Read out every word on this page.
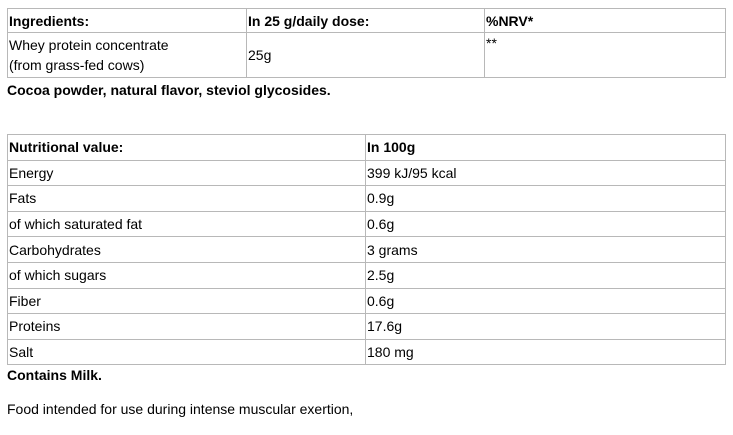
Ingredients:	In 25 g/daily dose:	%NRV*
Whey protein concentrate
(from grass-fed cows)	25g	**

Cocoa powder, natural flavor, steviol glycosides.

Nutritional value:	In 100g
Energy	399 kJ/95 kcal
Fats	0.9g
of which saturated fat	0.6g
Carbohydrates	3 grams
of which sugars	2.5g
Fiber	0.6g
Proteins	17.6g
Salt	180 mg

Contains Milk.

Food intended for use during intense muscular exertion,
